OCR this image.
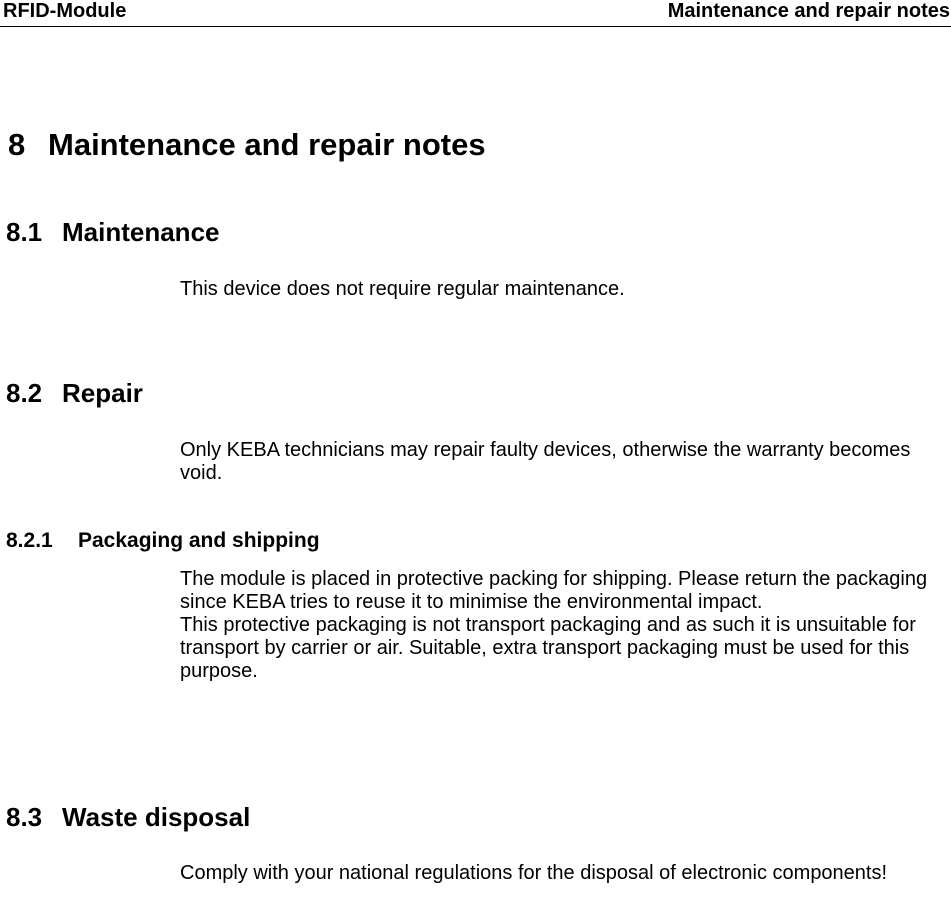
RFID-Module	Maintenance and repair notes
8 Maintenance and repair notes
8.1 Maintenance

This device does not require regular maintenance.

8.2 Repair

Only KEBA technicians may repair faulty devices, otherwise the warranty becomes void.

8.2.1 Packaging and shipping

The module is placed in protective packing for shipping. Please return the packaging since KEBA tries to reuse it to minimise the environmental impact.

This protective packaging is not transport packaging and as such it is unsuitable for transport by carrier or air. Suitable, extra transport packaging must be used for this purpose.

8.3 Waste disposal

Comply with your national regulations for the disposal of electronic components!
